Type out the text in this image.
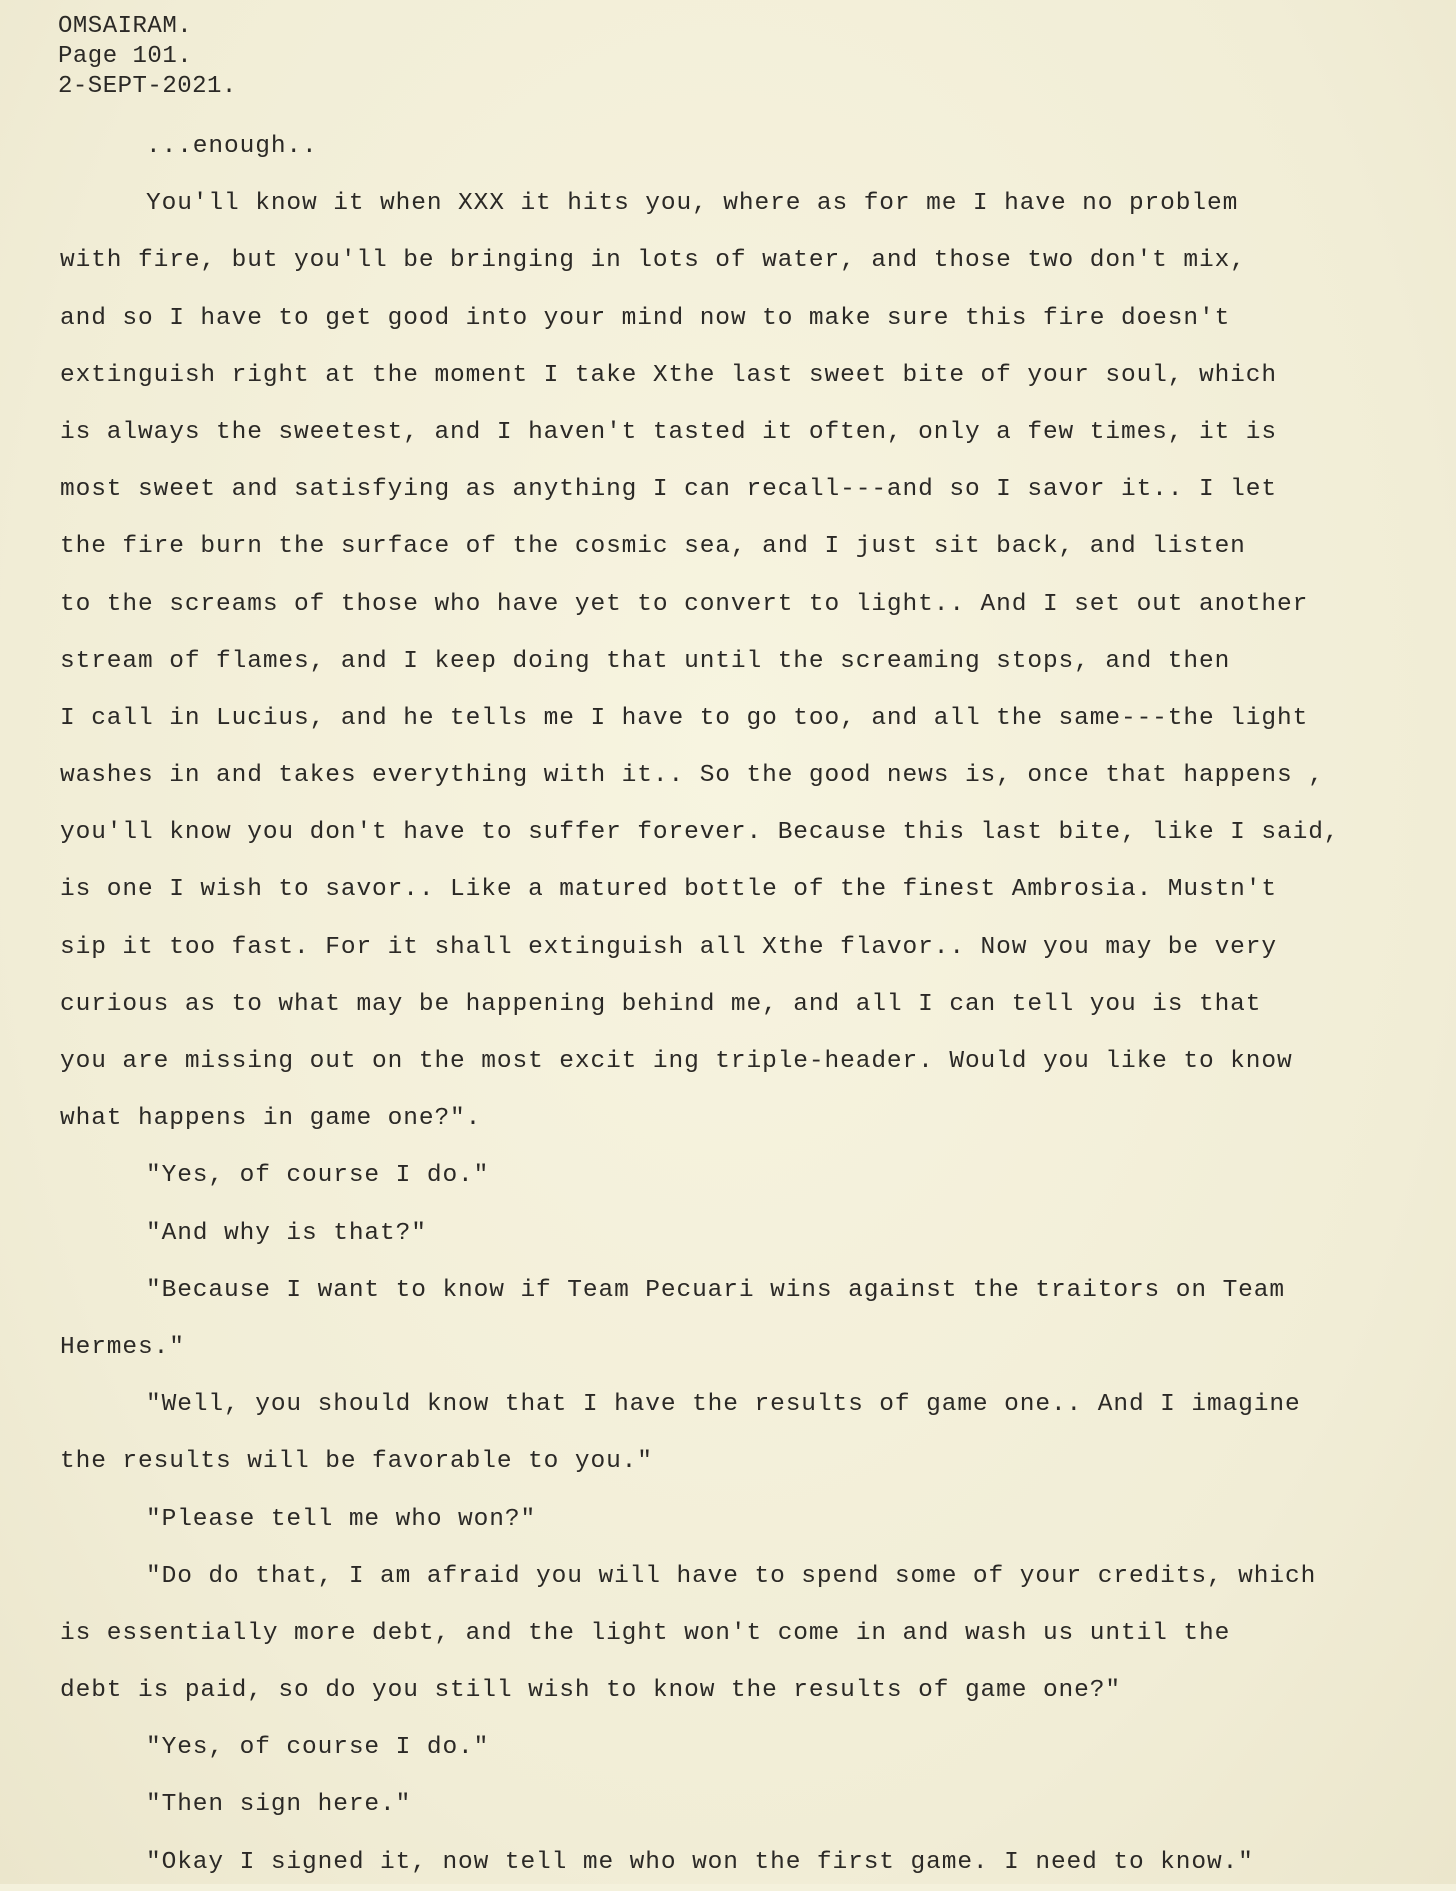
OMSAIRAM.
Page 101.
2-SEPT-2021.
...enough..
You'll know it when XXX it hits you, where as for me I have no problem
with fire, but you'll be bringing in lots of water, and those two don't mix,
and so I have to get good into your mind now to make sure this fire doesn't
extinguish right at the moment I take Xthe last sweet bite of your soul, which
is always the sweetest, and I haven't tasted it often, only a few times, it is
most sweet and satisfying as anything I can recall---and so I savor it.. I let
the fire burn the surface of the cosmic sea, and I just sit back, and listen
to the screams of those who have yet to convert to light.. And I set out another
stream of flames, and I keep doing that until the screaming stops, and then
I call in Lucius, and he tells me I have to go too, and all the same---the light
washes in and takes everything with it.. So the good news is, once that happens ,
you'll know you don't have to suffer forever. Because this last bite, like I said,
is one I wish to savor.. Like a matured bottle of the finest Ambrosia. Mustn't
sip it too fast. For it shall extinguish all Xthe flavor.. Now you may be very
curious as to what may be happening behind me, and all I can tell you is that
you are missing out on the most excit ing triple-header. Would you like to know
what happens in game one?".
"Yes, of course I do."
"And why is that?"
"Because I want to know if Team Pecuari wins against the traitors on Team
Hermes."
"Well, you should know that I have the results of game one.. And I imagine
the results will be favorable to you."
"Please tell me who won?"
"Do do that, I am afraid you will have to spend some of your credits, which
is essentially more debt, and the light won't come in and wash us until the
debt is paid, so do you still wish to know the results of game one?"
"Yes, of course I do."
"Then sign here."
"Okay I signed it, now tell me who won the first game. I need to know."
